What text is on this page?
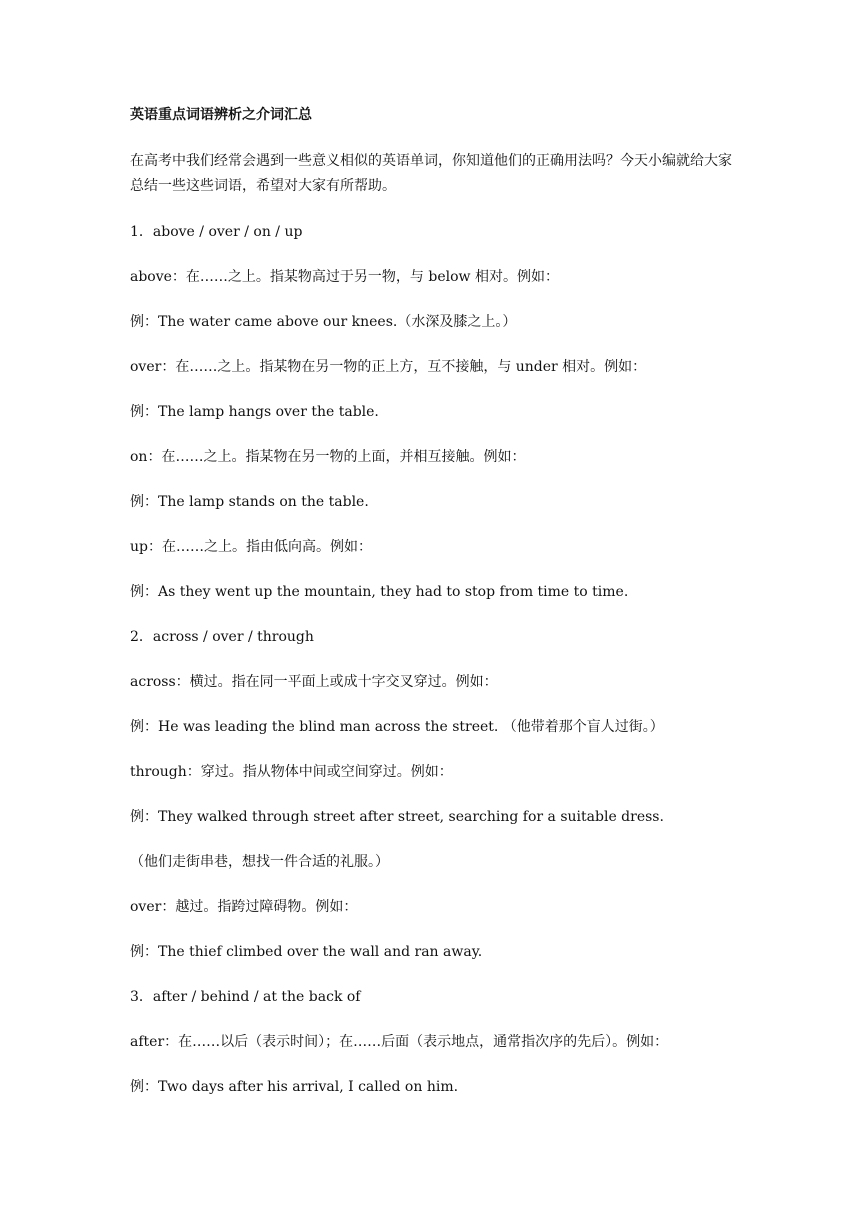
英语重点词语辨析之介词汇总
在高考中我们经常会遇到一些意义相似的英语单词，你知道他们的正确用法吗？今天小编就给大家总结一些这些词语，希望对大家有所帮助。
1．above / over / on / up
above：在……之上。指某物高过于另一物，与 below 相对。例如：
例：The water came above our knees.（水深及膝之上。）
over：在……之上。指某物在另一物的正上方，互不接触，与 under 相对。例如：
例：The lamp hangs over the table.
on：在……之上。指某物在另一物的上面，并相互接触。例如：
例：The lamp stands on the table.
up：在……之上。指由低向高。例如：
例：As they went up the mountain, they had to stop from time to time.
2．across / over / through
across：横过。指在同一平面上或成十字交叉穿过。例如：
例：He was leading the blind man across the street. （他带着那个盲人过街。）
through：穿过。指从物体中间或空间穿过。例如：
例：They walked through street after street, searching for a suitable dress.
（他们走街串巷，想找一件合适的礼服。）
over：越过。指跨过障碍物。例如：
例：The thief climbed over the wall and ran away.
3．after / behind / at the back of
after：在……以后（表示时间）；在……后面（表示地点，通常指次序的先后）。例如：
例：Two days after his arrival, I called on him.
